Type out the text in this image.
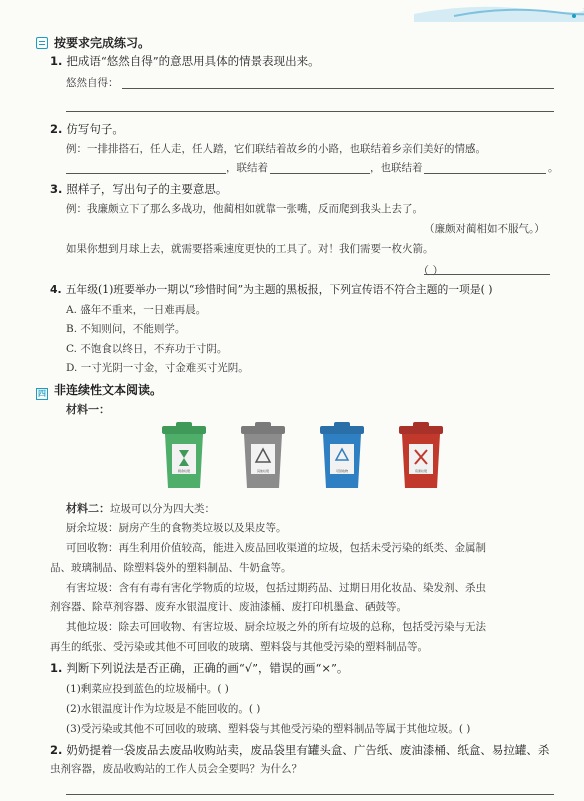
按要求完成练习。
1. 把成语“悠然自得”的意思用具体的情景表现出来。
悠然自得：
2. 仿写句子。
例：一排排搭石，任人走，任人踏，它们联结着故乡的小路，也联结着乡亲们美好的情感。
，联结着	，也联结着	。
3. 照样子，写出句子的主要意思。
例：我廉颇立下了那么多战功，他蔺相如就靠一张嘴，反而爬到我头上去了。
（廉颇对蔺相如不服气。）
如果你想到月球上去，就需要搭乘速度更快的工具了。对！我们需要一枚火箭。
（ ）
4. 五年级(1)班要举办一期以“珍惜时间”为主题的黑板报，下列宣传语不符合主题的一项是( )
A. 盛年不重来，一日难再晨。
B. 不知则问，不能则学。
C. 不饱食以终日，不弃功于寸阴。
D. 一寸光阴一寸金，寸金难买寸光阴。
四 非连续性文本阅读。
材料一：
厨余垃圾	其他垃圾	可回收物	有害垃圾
材料二：垃圾可以分为四大类：
厨余垃圾：厨房产生的食物类垃圾以及果皮等。
可回收物：再生利用价值较高，能进入废品回收渠道的垃圾，包括未受污染的纸类、金属制
品、玻璃制品、除塑料袋外的塑料制品、牛奶盒等。
有害垃圾：含有有毒有害化学物质的垃圾，包括过期药品、过期日用化妆品、染发剂、杀虫
剂容器、除草剂容器、废弃水银温度计、废油漆桶、废打印机墨盒、硒鼓等。
其他垃圾：除去可回收物、有害垃圾、厨余垃圾之外的所有垃圾的总称，包括受污染与无法
再生的纸张、受污染或其他不可回收的玻璃、塑料袋与其他受污染的塑料制品等。
1. 判断下列说法是否正确，正确的画“√”，错误的画“×”。
(1)剩菜应投到蓝色的垃圾桶中。( )
(2)水银温度计作为垃圾是不能回收的。( )
(3)受污染或其他不可回收的玻璃、塑料袋与其他受污染的塑料制品等属于其他垃圾。( )
2. 奶奶提着一袋废品去废品收购站卖，废品袋里有罐头盒、广告纸、废油漆桶、纸盒、易拉罐、杀
虫剂容器，废品收购站的工作人员会全要吗？为什么？
